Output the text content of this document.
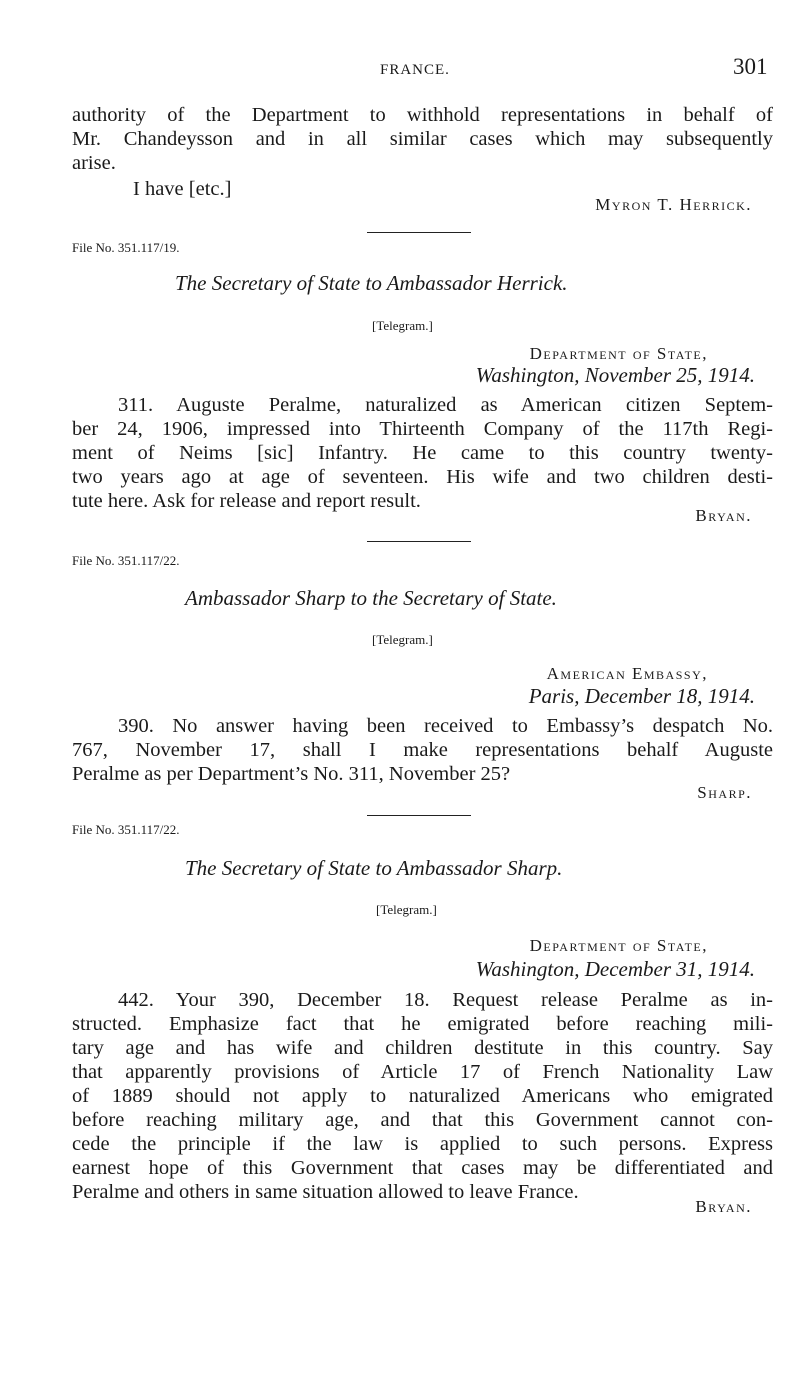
FRANCE.	301
authority of the Department to withhold representations in behalf of
Mr. Chandeysson and in all similar cases which may subsequently
arise.
I have [etc.]
Myron T. Herrick.
File No. 351.117/19.
The Secretary of State to Ambassador Herrick.
[Telegram.]
Department of State,
Washington, November 25, 1914.
311. Auguste Peralme, naturalized as American citizen Septem-
ber 24, 1906, impressed into Thirteenth Company of the 117th Regi-
ment of Neims [sic] Infantry. He came to this country twenty-
two years ago at age of seventeen. His wife and two children desti-
tute here. Ask for release and report result.
Bryan.
File No. 351.117/22.
Ambassador Sharp to the Secretary of State.
[Telegram.]
American Embassy,
Paris, December 18, 1914.
390. No answer having been received to Embassy’s despatch No.
767, November 17, shall I make representations behalf Auguste
Peralme as per Department’s No. 311, November 25?
Sharp.
File No. 351.117/22.
The Secretary of State to Ambassador Sharp.
[Telegram.]
Department of State,
Washington, December 31, 1914.
442. Your 390, December 18. Request release Peralme as in-
structed. Emphasize fact that he emigrated before reaching mili-
tary age and has wife and children destitute in this country. Say
that apparently provisions of Article 17 of French Nationality Law
of 1889 should not apply to naturalized Americans who emigrated
before reaching military age, and that this Government cannot con-
cede the principle if the law is applied to such persons. Express
earnest hope of this Government that cases may be differentiated and
Peralme and others in same situation allowed to leave France.
Bryan.
